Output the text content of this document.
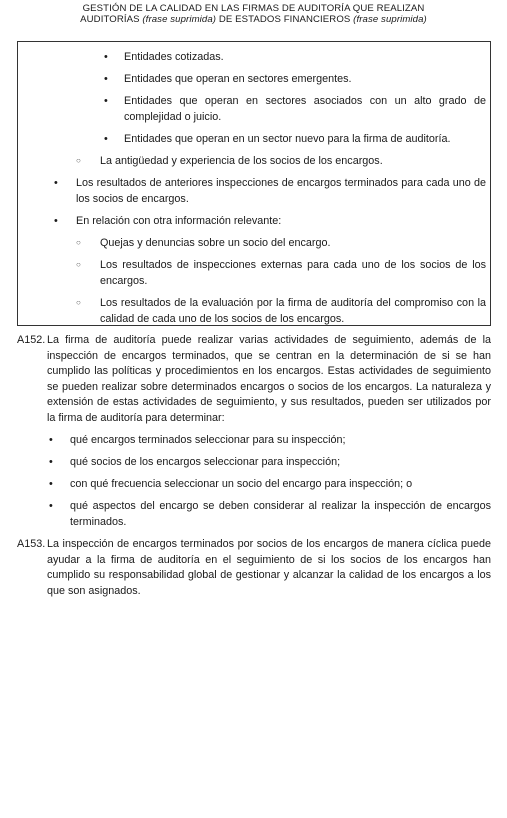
GESTIÓN DE LA CALIDAD EN LAS FIRMAS DE AUDITORÍA QUE REALIZAN
AUDITORÍAS (frase suprimida) DE ESTADOS FINANCIEROS (frase suprimida)
• Entidades cotizadas.
• Entidades que operan en sectores emergentes.
• Entidades que operan en sectores asociados con un alto grado de
complejidad o juicio.
• Entidades que operan en un sector nuevo para la firma de auditoría.
○ La antigüedad y experiencia de los socios de los encargos.
• Los resultados de anteriores inspecciones de encargos terminados para cada uno de
los socios de encargos.
• En relación con otra información relevante:
○ Quejas y denuncias sobre un socio del encargo.
○ Los resultados de inspecciones externas para cada uno de los socios de los
encargos.
○ Los resultados de la evaluación por la firma de auditoría del compromiso con la
calidad de cada uno de los socios de los encargos.
A152. La firma de auditoría puede realizar varias actividades de seguimiento, además de la
inspección de encargos terminados, que se centran en la determinación de si se han
cumplido las políticas y procedimientos en los encargos. Estas actividades de seguimiento
se pueden realizar sobre determinados encargos o socios de los encargos. La naturaleza y
extensión de estas actividades de seguimiento, y sus resultados, pueden ser utilizados por
la firma de auditoría para determinar:
• qué encargos terminados seleccionar para su inspección;
• qué socios de los encargos seleccionar para inspección;
• con qué frecuencia seleccionar un socio del encargo para inspección; o
• qué aspectos del encargo se deben considerar al realizar la inspección de encargos
terminados.
A153. La inspección de encargos terminados por socios de los encargos de manera cíclica puede
ayudar a la firma de auditoría en el seguimiento de si los socios de los encargos han
cumplido su responsabilidad global de gestionar y alcanzar la calidad de los encargos a los
que son asignados.
